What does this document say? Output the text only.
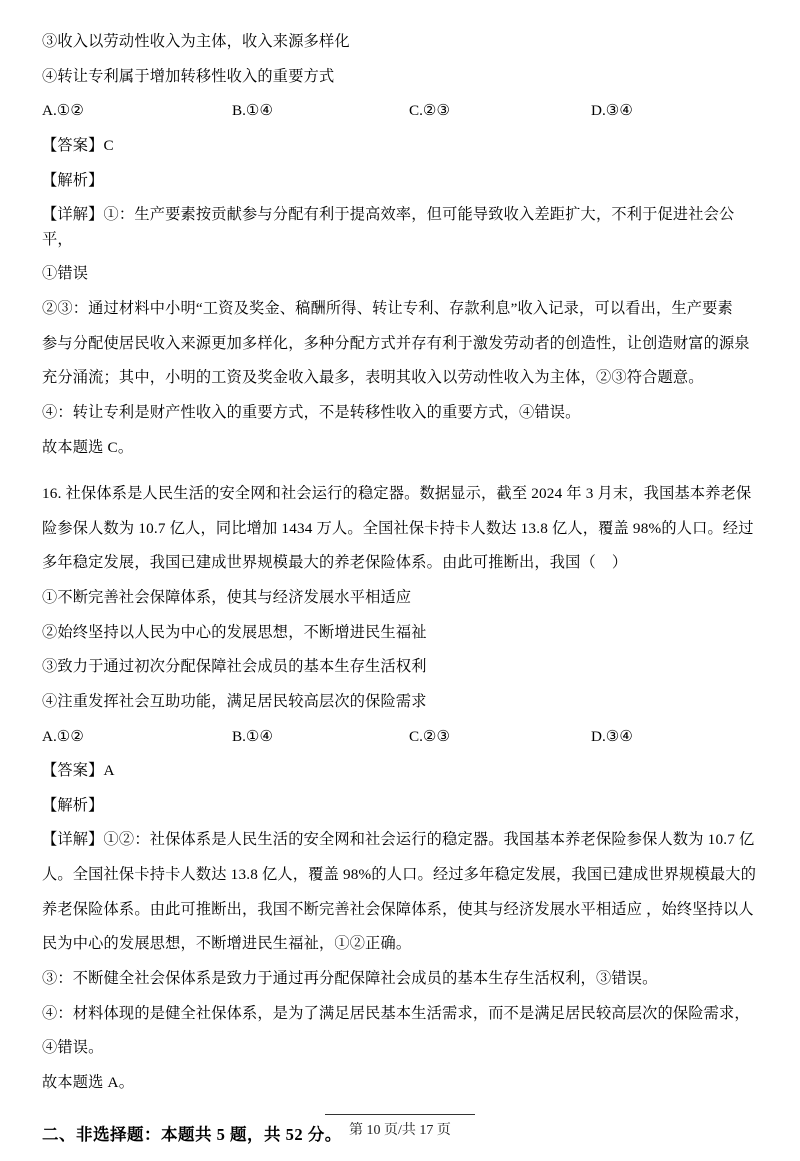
③收入以劳动性收入为主体，收入来源多样化
④转让专利属于增加转移性收入的重要方式
A.①②	B.①④	C.②③	D.③④
【答案】C
【解析】
【详解】①：生产要素按贡献参与分配有利于提高效率，但可能导致收入差距扩大，不利于促进社会公平，
①错误
②③：通过材料中小明“工资及奖金、稿酬所得、转让专利、存款利息”收入记录，可以看出，生产要素
参与分配使居民收入来源更加多样化，多种分配方式并存有利于激发劳动者的创造性，让创造财富的源泉
充分涌流；其中，小明的工资及奖金收入最多，表明其收入以劳动性收入为主体，②③符合题意。
④：转让专利是财产性收入的重要方式，不是转移性收入的重要方式，④错误。
故本题选 C。
16. 社保体系是人民生活的安全网和社会运行的稳定器。数据显示，截至 2024 年 3 月末，我国基本养老保
险参保人数为 10.7 亿人，同比增加 1434 万人。全国社保卡持卡人数达 13.8 亿人，覆盖 98%的人口。经过
多年稳定发展，我国已建成世界规模最大的养老保险体系。由此可推断出，我国（    ）
①不断完善社会保障体系，使其与经济发展水平相适应
②始终坚持以人民为中心的发展思想，不断增进民生福祉
③致力于通过初次分配保障社会成员的基本生存生活权利
④注重发挥社会互助功能，满足居民较高层次的保险需求
A.①②	B.①④	C.②③	D.③④
【答案】A
【解析】
【详解】①②：社保体系是人民生活的安全网和社会运行的稳定器。我国基本养老保险参保人数为 10.7 亿
人。全国社保卡持卡人数达 13.8 亿人，覆盖 98%的人口。经过多年稳定发展，我国已建成世界规模最大的
养老保险体系。由此可推断出，我国不断完善社会保障体系，使其与经济发展水平相适应 ，始终坚持以人
民为中心的发展思想，不断增进民生福祉，①②正确。
③：不断健全社会保体系是致力于通过再分配保障社会成员的基本生存生活权利，③错误。
④：材料体现的是健全社保体系，是为了满足居民基本生活需求，而不是满足居民较高层次的保险需求，
④错误。
故本题选 A。
二、非选择题：本题共 5 题，共 52 分。 第 10 页/共 17 页
